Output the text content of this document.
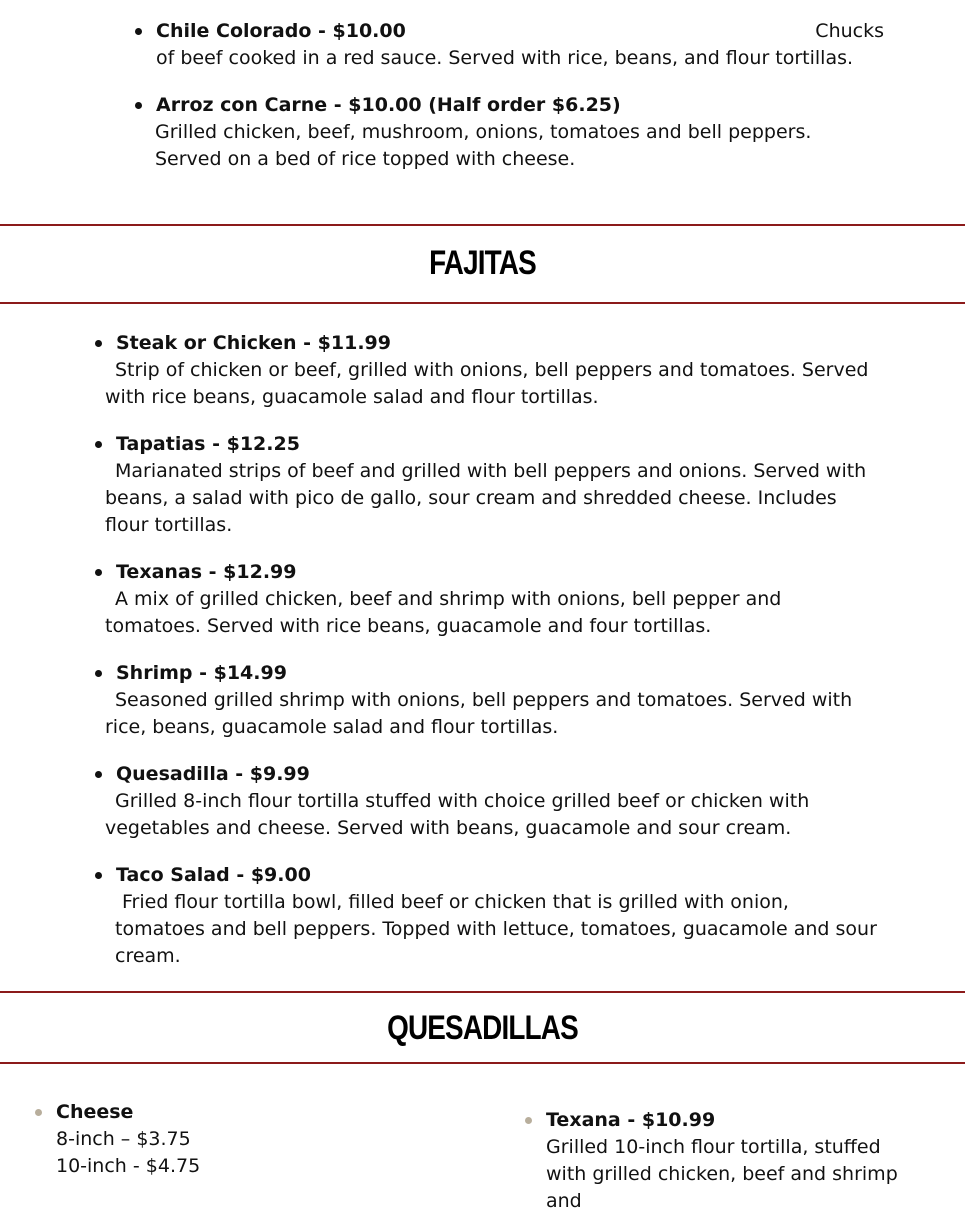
Chile Colorado - $10.00	Chucks
of beef cooked in a red sauce. Served with rice, beans, and flour tortillas.
Arroz con Carne - $10.00 (Half order $6.25)
Grilled chicken, beef, mushroom, onions, tomatoes and bell peppers. Served on a bed of rice topped with cheese.
FAJITAS
Steak or Chicken - $11.99
Strip of chicken or beef, grilled with onions, bell peppers and tomatoes. Served with rice beans, guacamole salad and flour tortillas.
Tapatias - $12.25
Marianated strips of beef and grilled with bell peppers and onions. Served with beans, a salad with pico de gallo, sour cream and shredded cheese. Includes flour tortillas.
Texanas - $12.99
A mix of grilled chicken, beef and shrimp with onions, bell pepper and tomatoes. Served with rice beans, guacamole and four tortillas.
Shrimp - $14.99
Seasoned grilled shrimp with onions, bell peppers and tomatoes. Served with rice, beans, guacamole salad and flour tortillas.
Quesadilla - $9.99
Grilled 8-inch flour tortilla stuffed with choice grilled beef or chicken with vegetables and cheese. Served with beans, guacamole and sour cream.
Taco Salad - $9.00
Fried flour tortilla bowl, filled beef or chicken that is grilled with onion, tomatoes and bell peppers. Topped with lettuce, tomatoes, guacamole and sour cream.
QUESADILLAS
Cheese
8-inch – $3.75
10-inch - $4.75
Texana - $10.99
Grilled 10-inch flour tortilla, stuffed with grilled chicken, beef and shrimp and
